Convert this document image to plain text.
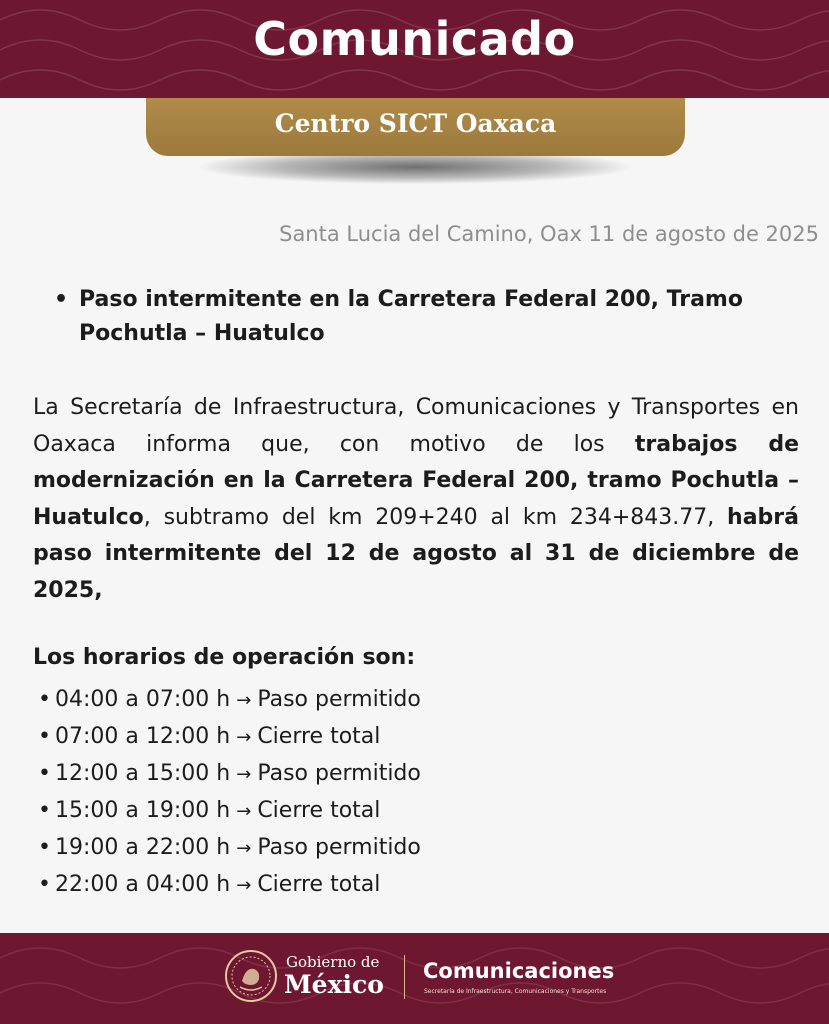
Comunicado
Centro SICT Oaxaca
Santa Lucia del Camino, Oax 11 de agosto de 2025
• Paso intermitente en la Carretera Federal 200, Tramo Pochutla – Huatulco
La Secretaría de Infraestructura, Comunicaciones y Transportes en Oaxaca informa que, con motivo de los trabajos de modernización en la Carretera Federal 200, tramo Pochutla – Huatulco, subtramo del km 209+240 al km 234+843.77, habrá paso intermitente del 12 de agosto al 31 de diciembre de 2025,
Los horarios de operación son:
• 04:00 a 07:00 h → Paso permitido
• 07:00 a 12:00 h → Cierre total
• 12:00 a 15:00 h → Paso permitido
• 15:00 a 19:00 h → Cierre total
• 19:00 a 22:00 h → Paso permitido
• 22:00 a 04:00 h → Cierre total
Gobierno de
México Comunicaciones
Secretaría de Infraestructura, Comunicaciones y Transportes
